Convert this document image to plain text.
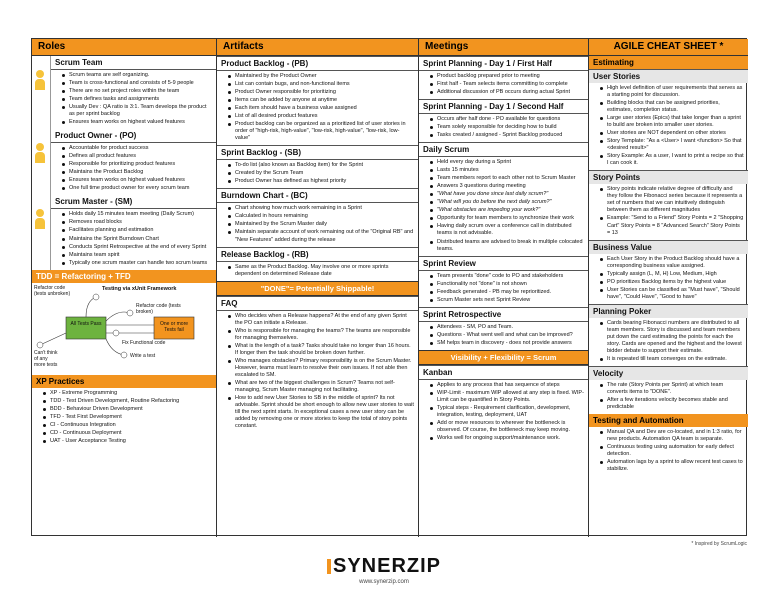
Roles
Scrum Team
Scrum teams are self organizing.
Team is cross-functional and consists of 5-9 people
There are no set project roles within the team
Team defines tasks and assignments
Usually Dev : QA ratio is 3:1. Team develops the product as per sprint backlog
Ensures team works on highest valued features
Product Owner - (PO)
Accountable for product success
Defines all product features
Responsible for prioritizing product features
Maintains the Product Backlog
Ensures team works on highest valued features
One full time product owner for every scrum team
Scrum Master - (SM)
Holds daily 15 minutes team meeting (Daily Scrum)
Removes road blocks
Facilitates planning and estimation
Maintains the Sprint Burndown Chart
Conducts Sprint Retrospective at the end of every Sprint
Maintains team spirit
Typically one scrum master can handle two scrum teams
TDD = Refactoring + TFD
Refactor code (tests unbroken)
Testing via xUnit Framework
Refactor code (tests broken)
All Tests Pass	One or more Tests fail
Fix Functional code
Can't think of any more tests
Write a test
XP Practices
XP - Extreme Programming
TDD - Test Driven Development, Routine Refactoring
BDD - Behaviour Driven Development
TFD - Test First Development
CI - Continuous Integration
CD - Continuous Deployment
UAT - User Acceptance Testing
Artifacts
Product Backlog - (PB)
Maintained by the Product Owner
List can contain bugs, and non-functional items
Product Owner responsible for prioritizing
Items can be added by anyone at anytime
Each item should have a business value assigned
List of all desired product features
Product backlog can be organized as a prioritized list of user stories in order of "high-risk, high-value", "low-risk, high-value", "low-risk, low-value"
Sprint Backlog - (SB)
To-do list (also known as Backlog item) for the Sprint
Created by the Scrum Team
Product Owner has defined as highest priority
Burndown Chart - (BC)
Chart showing how much work remaining in a Sprint
Calculated in hours remaining
Maintained by the Scrum Master daily
Maintain separate account of work remaining out of the "Original RB" and "New Features" added during the release
Release Backlog - (RB)
Same as the Product Backlog. May involve one or more sprints dependent on determined Release date
"DONE"= Potentially Shippable!
FAQ
Who decides when a Release happens? At the end of any given Sprint the PO can initiate a Release.
Who is responsible for managing the teams? The teams are responsible for managing themselves.
What is the length of a task? Tasks should take no longer than 16 hours. If longer then the task should be broken down further.
Who manages obstacles? Primary responsibility is on the Scrum Master. However, teams must learn to resolve their own issues. If not able then escalated to SM.
What are two of the biggest challenges in Scrum? Teams not self-managing, Scrum Master managing not facilitating.
How to add new User Stories to SB in the middle of sprint? Its not advisable. Sprint should be short enough to allow new user stories to wait till the next sprint starts. In exceptional cases a new user story can be added by removing one or more stories to keep the total of story points constant.
Meetings
Sprint Planning - Day 1 / First Half
Product backlog prepared prior to meeting
First half - Team selects items committing to complete
Additional discussion of PB occurs during actual Sprint
Sprint Planning - Day 1 / Second Half
Occurs after half done - PO available for questions
Team solely responsible for deciding how to build
Tasks created / assigned - Sprint Backlog produced
Daily Scrum
Held every day during a Sprint
Lasts 15 minutes
Team members report to each other not to Scrum Master
Answers 3 questions during meeting
"What have you done since last daily scrum?"
"What will you do before the next daily scrum?"
"What obstacles are impeding your work?"
Opportunity for team members to synchronize their work
Having daily scrum over a conference call in distributed teams is not advisable.
Distributed teams are advised to break in multiple colocated teams.
Sprint Review
Team presents "done" code to PO and stakeholders
Functionality not "done" is not shown
Feedback generated - PB may be reprioritized.
Scrum Master sets next Sprint Review
Sprint Retrospective
Attendees - SM, PO and Team.
Questions - What went well and what can be improved?
SM helps team in discovery - does not provide answers
Visibility + Flexibility = Scrum
Kanban
Applies to any process that has sequence of steps
WIP-Limit - maximum WIP allowed at any step is fixed. WIP-Limit can be quantified in Story Points.
Typical steps - Requirement clarification, development, integration, testing, deployment, UAT
Add or move resources to wherever the bottleneck is observed. Of course, the bottleneck may keep moving.
Works well for ongoing support/maintenance work.
AGILE CHEAT SHEET *
Estimating
User Stories
High level definition of user requirements that serves as a starting point for discussion.
Building blocks that can be assigned priorities, estimates, completion status.
Large user stories (Epics) that take longer than a sprint to build are broken into smaller user stories.
User stories are NOT dependent on other stories
Story Template: "As a <User> I want <function> So that <desired result>"
Story Example: As a user, I want to print a recipe so that I can cook it.
Story Points
Story points indicate relative degree of difficulty and they follow the Fibonacci series because it represents a set of numbers that we can intuitively distinguish between them as different magnitudes
Example: "Send to a Friend" Story Points = 2 "Shopping Cart" Story Points = 8 "Advanced Search" Story Points = 13
Business Value
Each User Story in the Product Backlog should have a corresponding business value assigned.
Typically assign (L, M, H) Low, Medium, High
PO prioritizes Backlog items by the highest value
User Stories can be classified as "Must have", "Should have", "Could Have", "Good to have"
Planning Poker
Cards bearing Fibonacci numbers are distributed to all team members. Story is discussed and team members put down the card estimating the points for each the story. Cards are opened and the highest and the lowest bidder debate to support their estimate.
It is repeated till team converges on the estimate.
Velocity
The rate (Story Points per Sprint) at which team converts items to "DONE".
After a few iterations velocity becomes stable and predictable
Testing and Automation
Manual QA and Dev are co-located, and in 1:3 ratio, for new products. Automation QA team is separate.
Continuous testing using automation for early defect detection.
Automation lags by a sprint to allow recent test cases to stabilize.
* Inspired by ScrumLogic
SYNERZIP
www.synerzip.com
